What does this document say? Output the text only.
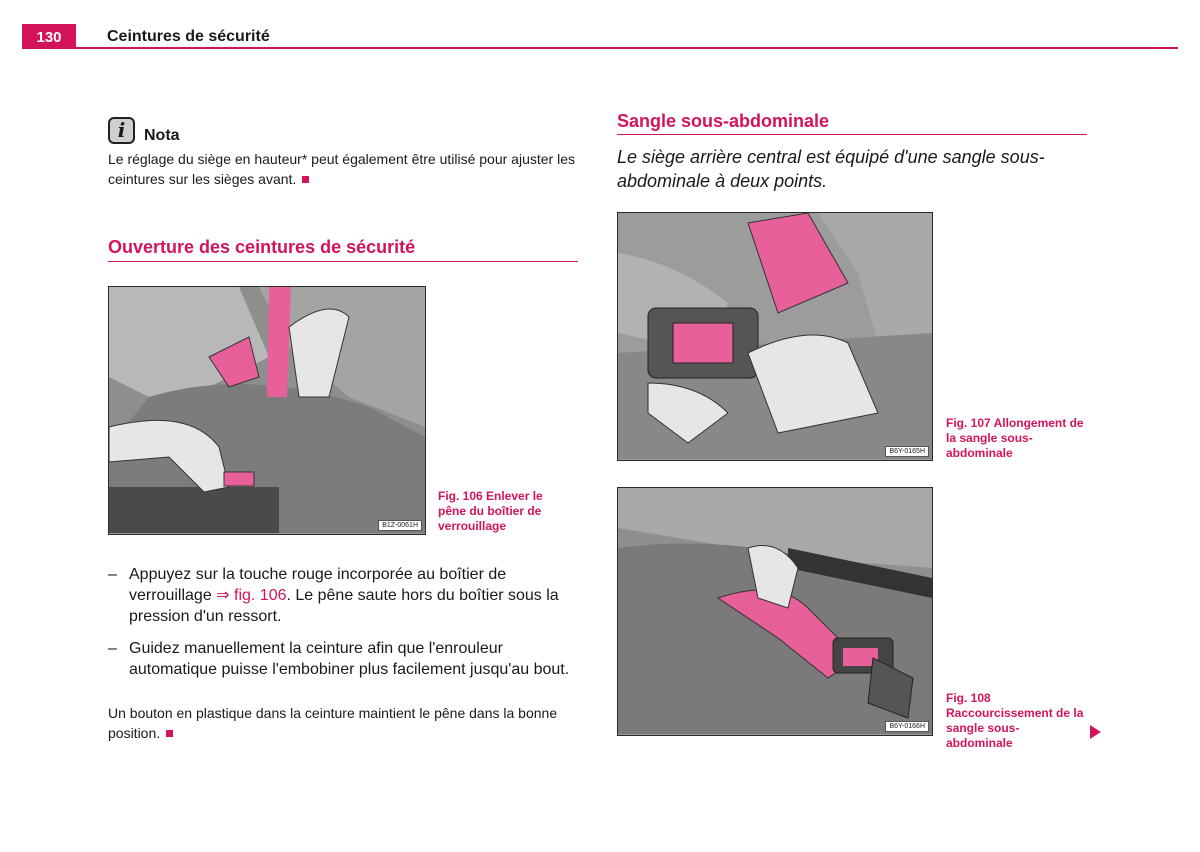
130	Ceintures de sécurité
i	Nota
Le réglage du siège en hauteur* peut également être utilisé pour ajuster les ceintures sur les sièges avant.
Ouverture des ceintures de sécurité
B1Z-0061H
Fig. 106 Enlever le pêne du boîtier de verrouillage
– Appuyez sur la touche rouge incorporée au boîtier de verrouillage ⇒ fig. 106. Le pêne saute hors du boîtier sous la pression d'un ressort.
– Guidez manuellement la ceinture afin que l'enrouleur automatique puisse l'embobiner plus facilement jusqu'au bout.
Un bouton en plastique dans la ceinture maintient le pêne dans la bonne position.
Sangle sous-abdominale
Le siège arrière central est équipé d'une sangle sous-abdominale à deux points.
B6Y-0165H
Fig. 107 Allongement de la sangle sous-abdominale
B6Y-0166H
Fig. 108 Raccourcissement de la sangle sous-abdominale
